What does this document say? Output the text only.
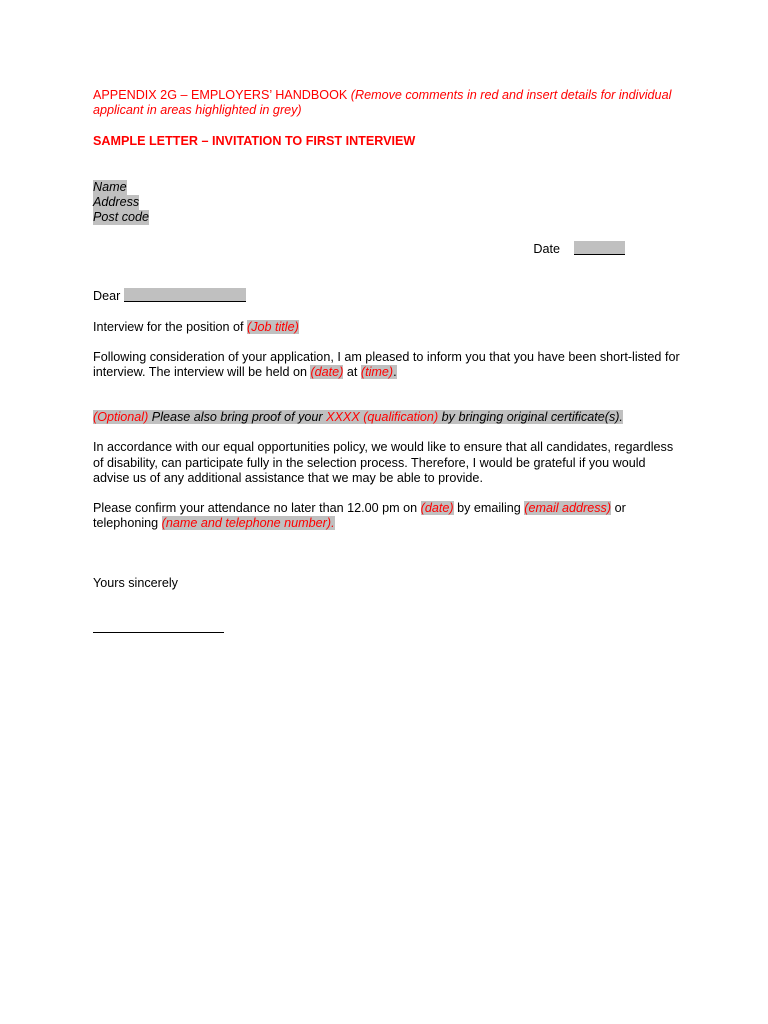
APPENDIX 2G – EMPLOYERS’ HANDBOOK (Remove comments in red and insert details for individual applicant in areas highlighted in grey)

SAMPLE LETTER – INVITATION TO FIRST INTERVIEW

Name
Address
Post code
Date
Dear

Interview for the position of (Job title)

Following consideration of your application, I am pleased to inform you that you have been short-listed for interview. The interview will be held on (date) at (time).

(Optional) Please also bring proof of your XXXX (qualification) by bringing original certificate(s).

In accordance with our equal opportunities policy, we would like to ensure that all candidates, regardless of disability, can participate fully in the selection process. Therefore, I would be grateful if you would advise us of any additional assistance that we may be able to provide.

Please confirm your attendance no later than 12.00 pm on (date) by emailing (email address) or telephoning (name and telephone number).

Yours sincerely
